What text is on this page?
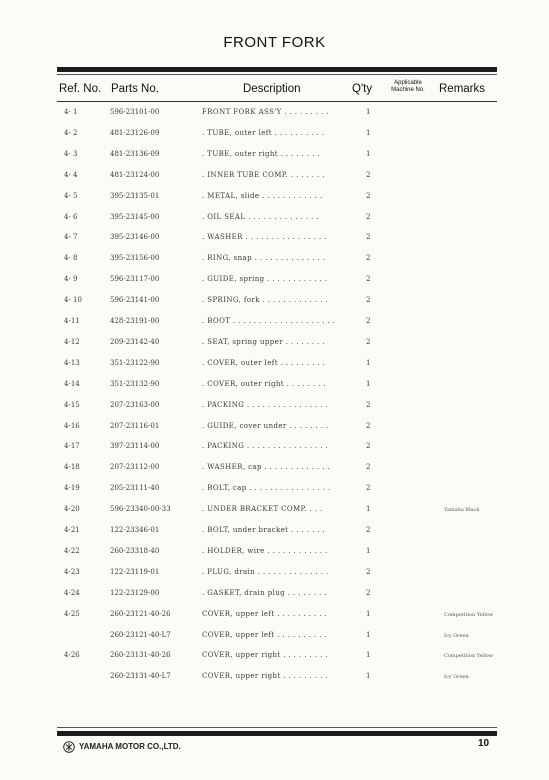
FRONT FORK
Ref. No. Parts No.	Description	Q'ty	Applicable Machine No.	Remarks
4- 1	596-23101-00	FRONT FORK ASS'Y . . . . . . . . .	1
4- 2	481-23126-09	. TUBE, outer left . . . . . . . . . .	1
4- 3	481-23136-09	. TUBE, outer right . . . . . . . .	1
4- 4	481-23124-00	. INNER TUBE COMP. . . . . . . .	2
4- 5	395-23135-01	. METAL, slide . . . . . . . . . . . .	2
4- 6	395-23145-00	. OIL SEAL . . . . . . . . . . . . . .	2
4- 7	395-23146-00	. WASHER . . . . . . . . . . . . . . . .	2
4- 8	395-23156-00	. RING, snap . . . . . . . . . . . . . .	2
4- 9	596-23117-00	. GUIDE, spring . . . . . . . . . . . .	2
4- 10	596-23141-00	. SPRING, fork . . . . . . . . . . . . .	2
4-11	428-23191-00	. BOOT . . . . . . . . . . . . . . . . . . . .	2
4-12	209-23142-40	. SEAT, spring upper . . . . . . . .	2
4-13	351-23122-90	. COVER, outer left . . . . . . . . .	1
4-14	351-23132-90	. COVER, outer right . . . . . . . .	1
4-15	207-23163-00	. PACKING . . . . . . . . . . . . . . . .	2
4-16	207-23116-01	. GUIDE, cover under . . . . . . . .	2
4-17	397-23114-00	. PACKING . . . . . . . . . . . . . . . .	2
4-18	207-23112-00	. WASHER, cap . . . . . . . . . . . . .	2
4-19	205-23111-40	. BOLT, cap . . . . . . . . . . . . . . . .	2
4-20	596-23340-00-33	. UNDER BRACKET COMP. . . .	1	Yamaha Black
4-21	122-23346-01	. BOLT, under bracket . . . . . . .	2
4-22	260-23318-40	. HOLDER, wire . . . . . . . . . . . .	1
4-23	122-23119-01	. PLUG, drain . . . . . . . . . . . . . .	2
4-24	122-23129-00	. GASKET, drain plug . . . . . . . .	2
4-25	260-23121-40-26	COVER, upper left . . . . . . . . . .	1	Competition Yellow
260-23121-40-L7	COVER, upper left . . . . . . . . . .	1	Icy Green
4-26	260-23131-40-26	COVER, upper right . . . . . . . . .	1	Competition Yellow
260-23131-40-L7	COVER, upper right . . . . . . . . .	1	Icy Green
YAMAHA MOTOR CO.,LTD.	10
